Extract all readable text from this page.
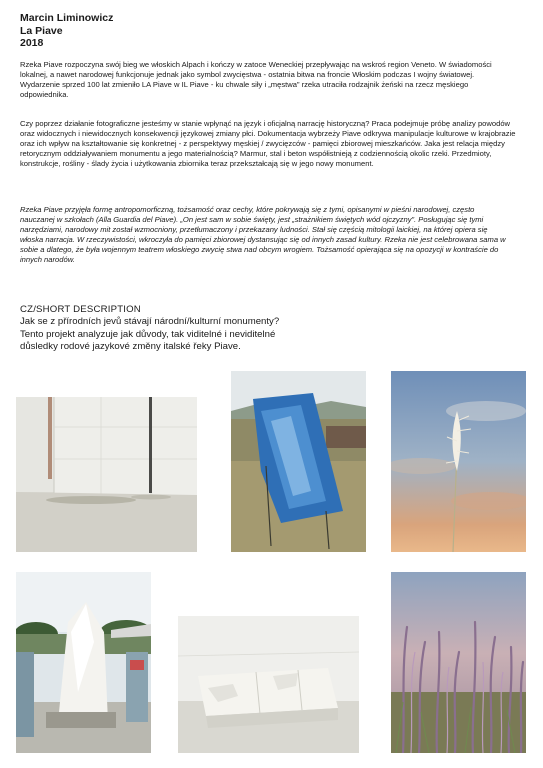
Marcin Liminowicz
La Piave
2018

Rzeka Piave rozpoczyna swój bieg we włoskich Alpach i kończy w zatoce Weneckiej przepływając na wskroś region Veneto. W świadomości lokalnej, a nawet narodowej funkcjonuje jednak jako symbol zwycięstwa - ostatnia bitwa na froncie Włoskim podczas I wojny światowej. Wydarzenie sprzed 100 lat zmieniło LA Piave w IL Piave - ku chwale siły i „męstwa” rzeka utraciła rodzajnik żeński na rzecz męskiego odpowiednika.

Czy poprzez działanie fotograficzne jesteśmy w stanie wpłynąć na język i oficjalną narrację historyczną? Praca podejmuje próbę analizy powodów oraz widocznych i niewidocznych konsekwencji językowej zmiany płci. Dokumentacja wybrzeży Piave odkrywa manipulacje kulturowe w krajobrazie oraz ich wpływ na kształtowanie się konkretnej - z perspektywy męskiej / zwycięzców - pamięci zbiorowej mieszkańców. Jaka jest relacja między retorycznym oddziaływaniem monumentu a jego materialnością? Marmur, stal i beton współistnieją z codziennością okolic rzeki. Przedmioty, konstrukcje, rośliny - ślady życia i użytkowania zbiornika teraz przekształcają się w jego nowy monument.

Rzeka Piave przyjęła formę antropomorficzną, tożsamość oraz cechy, które pokrywają się z tymi, opisanymi w pieśni narodowej, często nauczanej w szkołach (Alla Guardia del Piave). „On jest sam w sobie święty, jest „strażnikiem świętych wód ojczyzny”. Posługując się tymi narzędziami, narodowy mit został wzmocniony, przetłumaczony i przekazany ludności. Stał się częścią mitologii laickiej, na której opiera się włoska narracja. W rzeczywistości, wkroczyła do pamięci zbiorowej dystansując się od innych zasad kultury. Rzeka nie jest celebrowana sama w sobie a dlatego, że była wojennym teatrem włoskiego zwycię stwa nad obcym wrogiem. Tożsamość opierająca się na opozycji w kontraście do innych narodów.

CZ/SHORT DESCRIPTION
Jak se z přírodních jevů stávají národní/kulturní monumenty?
Tento projekt analyzuje jak důvody, tak viditelné i neviditelné
důsledky rodové jazykové změny italské řeky Piave.
